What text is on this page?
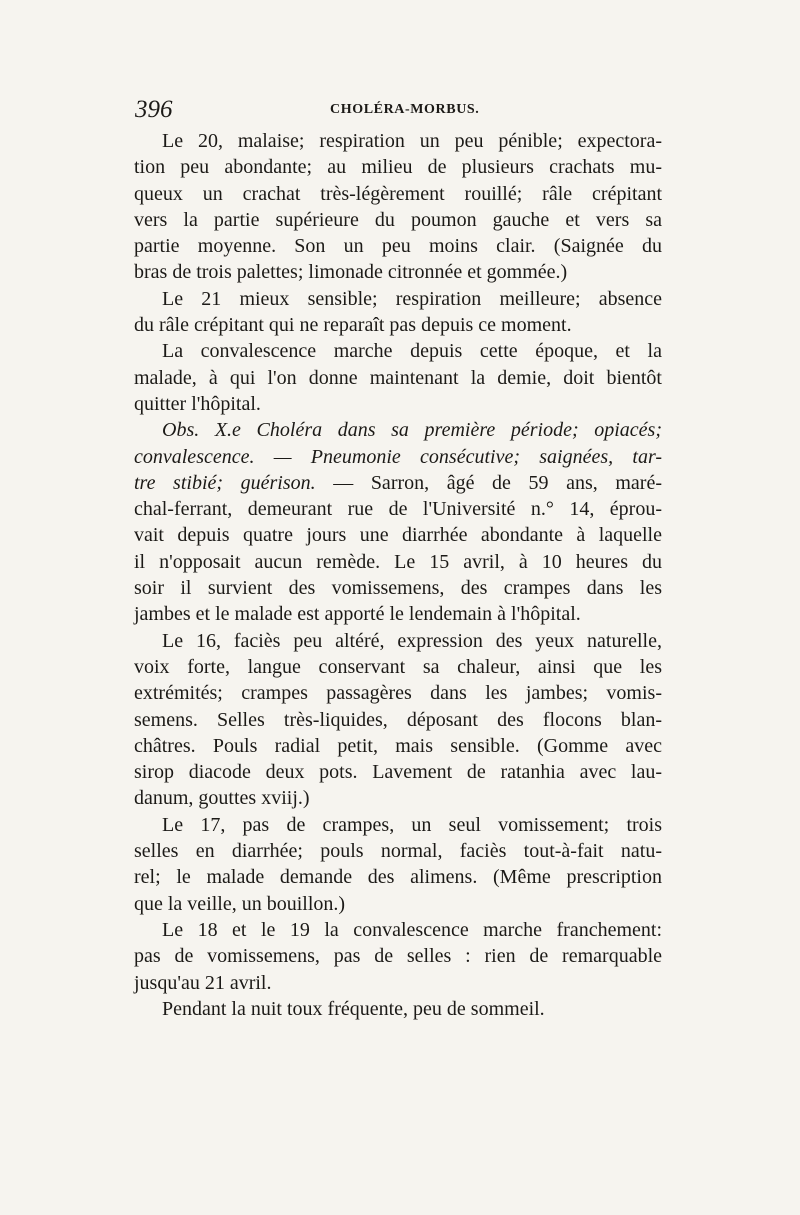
396	CHOLÉRA-MORBUS.

Le 20, malaise; respiration un peu pénible; expectora-
tion peu abondante; au milieu de plusieurs crachats mu-
queux un crachat très-légèrement rouillé; râle crépitant
vers la partie supérieure du poumon gauche et vers sa
partie moyenne. Son un peu moins clair. (Saignée du
bras de trois palettes; limonade citronnée et gommée.)

Le 21 mieux sensible; respiration meilleure; absence
du râle crépitant qui ne reparaît pas depuis ce moment.

La convalescence marche depuis cette époque, et la
malade, à qui l'on donne maintenant la demie, doit bientôt
quitter l'hôpital.

Obs. X.e Choléra dans sa première période; opiacés;
convalescence. — Pneumonie consécutive; saignées, tar-
tre stibié; guérison. — Sarron, âgé de 59 ans, maré-
chal-ferrant, demeurant rue de l'Université n.° 14, éprou-
vait depuis quatre jours une diarrhée abondante à laquelle
il n'opposait aucun remède. Le 15 avril, à 10 heures du
soir il survient des vomissemens, des crampes dans les
jambes et le malade est apporté le lendemain à l'hôpital.

Le 16, faciès peu altéré, expression des yeux naturelle,
voix forte, langue conservant sa chaleur, ainsi que les
extrémités; crampes passagères dans les jambes; vomis-
semens. Selles très-liquides, déposant des flocons blan-
châtres. Pouls radial petit, mais sensible. (Gomme avec
sirop diacode deux pots. Lavement de ratanhia avec lau-
danum, gouttes xviij.)

Le 17, pas de crampes, un seul vomissement; trois
selles en diarrhée; pouls normal, faciès tout-à-fait natu-
rel; le malade demande des alimens. (Même prescription
que la veille, un bouillon.)

Le 18 et le 19 la convalescence marche franchement:
pas de vomissemens, pas de selles : rien de remarquable
jusqu'au 21 avril.

Pendant la nuit toux fréquente, peu de sommeil.
